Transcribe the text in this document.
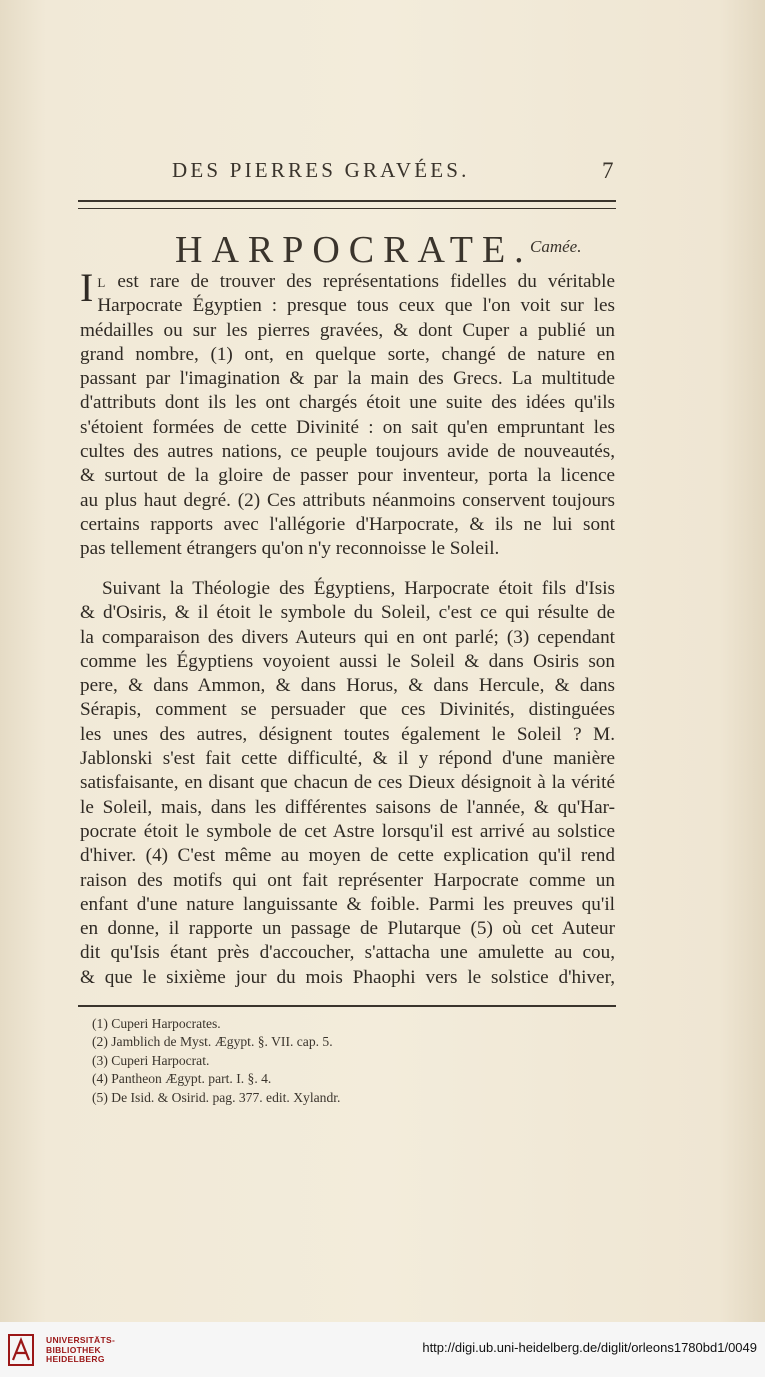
DES PIERRES GRAVÉES.	7
HARPOCRATE.
Camée.
I L est rare de trouver des représentations fidelles du véritable
Harpocrate Égyptien : presque tous ceux que l'on voit sur les
médailles ou sur les pierres gravées, & dont Cuper a publié un
grand nombre, (1) ont, en quelque sorte, changé de nature en
passant par l'imagination & par la main des Grecs. La multitude
d'attributs dont ils les ont chargés étoit une suite des idées qu'ils
s'étoient formées de cette Divinité : on sait qu'en empruntant les
cultes des autres nations, ce peuple toujours avide de nouveautés,
& surtout de la gloire de passer pour inventeur, porta la licence
au plus haut degré. (2) Ces attributs néanmoins conservent toujours
certains rapports avec l'allégorie d'Harpocrate, & ils ne lui sont
pas tellement étrangers qu'on n'y reconnoisse le Soleil.
Suivant la Théologie des Égyptiens, Harpocrate étoit fils d'Isis
& d'Osiris, & il étoit le symbole du Soleil, c'est ce qui résulte de
la comparaison des divers Auteurs qui en ont parlé; (3) cependant
comme les Égyptiens voyoient aussi le Soleil & dans Osiris son
pere, & dans Ammon, & dans Horus, & dans Hercule, & dans
Sérapis, comment se persuader que ces Divinités, distinguées
les unes des autres, désignent toutes également le Soleil ? M.
Jablonski s'est fait cette difficulté, & il y répond d'une manière
satisfaisante, en disant que chacun de ces Dieux désignoit à la vérité
le Soleil, mais, dans les différentes saisons de l'année, & qu'Har-
pocrate étoit le symbole de cet Astre lorsqu'il est arrivé au solstice
d'hiver. (4) C'est même au moyen de cette explication qu'il rend
raison des motifs qui ont fait représenter Harpocrate comme un
enfant d'une nature languissante & foible. Parmi les preuves qu'il
en donne, il rapporte un passage de Plutarque (5) où cet Auteur
dit qu'Isis étant près d'accoucher, s'attacha une amulette au cou,
& que le sixième jour du mois Phaophi vers le solstice d'hiver,
(1) Cuperi Harpocrates.
(2) Jamblich de Myst. Ægypt. §. VII. cap. 5.
(3) Cuperi Harpocrat.
(4) Pantheon Ægypt. part. I. §. 4.
(5) De Isid. & Osirid. pag. 377. edit. Xylandr.
UNIVERSITÄTS-
BIBLIOTHEK
HEIDELBERG
http://digi.ub.uni-heidelberg.de/diglit/orleons1780bd1/0049
